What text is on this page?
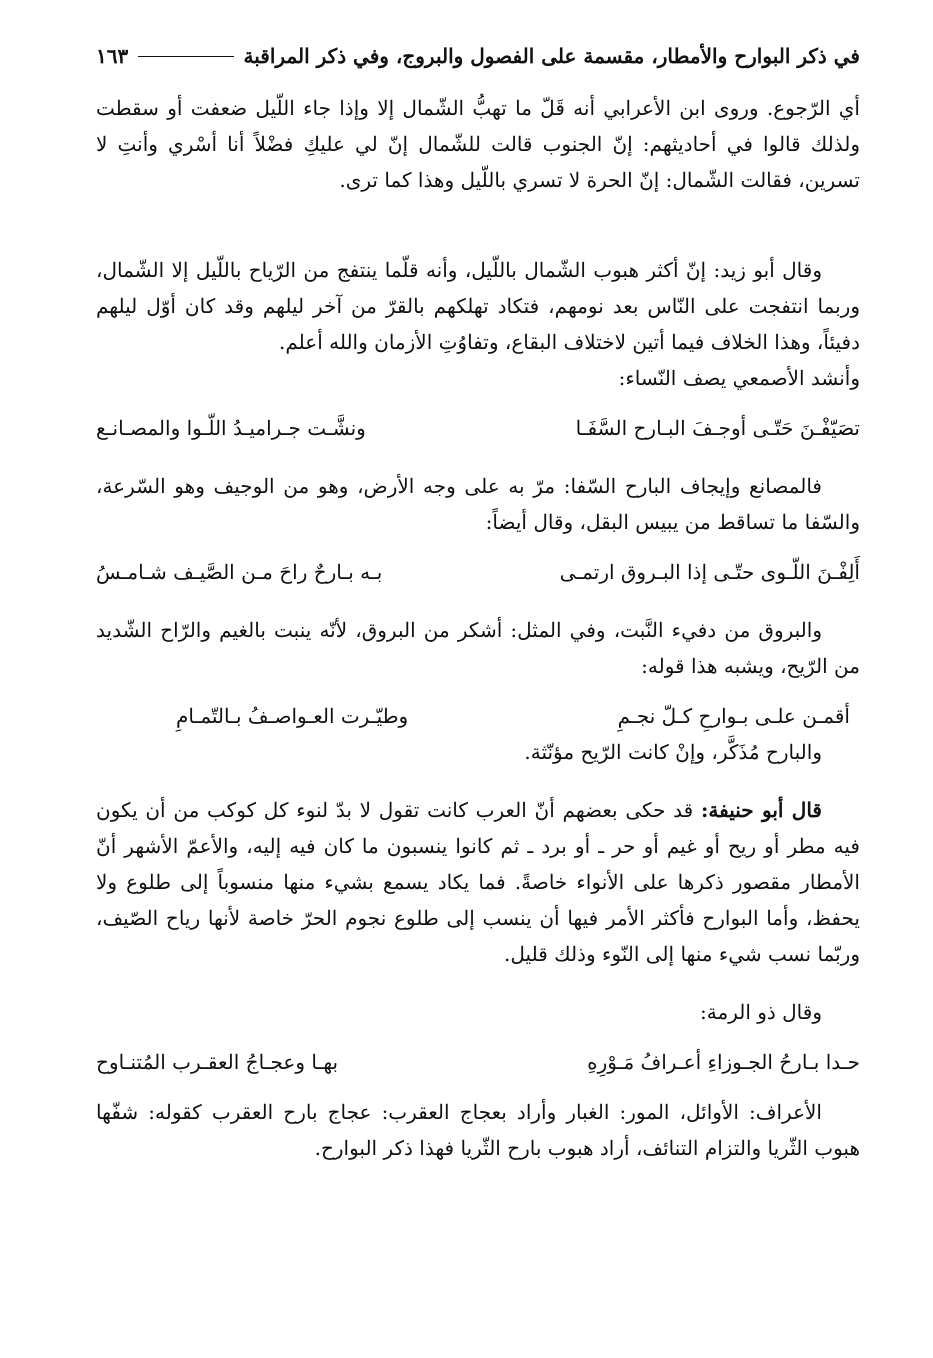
في ذكر البوارح والأمطار، مقسمة على الفصول والبروج، وفي ذكر المراقبة
١٦٣

أي الرّجوع. وروى ابن الأعرابي أنه قَلّ ما تهبُّ الشّمال إلا وإذا جاء اللّيل ضعفت أو سقطت ولذلك قالوا في أحاديثهم: إنّ الجنوب قالت للشّمال إنّ لي عليكِ فضْلاً أنا أسْري وأنتِ لا تسرين، فقالت الشّمال: إنّ الحرة لا تسري باللّيل وهذا كما ترى.

وقال أبو زيد: إنّ أكثر هبوب الشّمال باللّيل، وأنه قلّما ينتفج من الرّياح باللّيل إلا الشّمال، وربما انتفجت على النّاس بعد نومهم، فتكاد تهلكهم بالقرّ من آخر ليلهم وقد كان أوّل ليلهم دفيئاً، وهذا الخلاف فيما أتين لاختلاف البقاع، وتفاوُتِ الأزمان والله أعلم.

وأنشد الأصمعي يصف النّساء:

تصَيّفْـنَ حَتّـى أوجـفَ البـارح السَّفَـا
ونشَّـت جـراميـدُ اللّـوا والمصـانـع

فالمصانع وإيجاف البارح السّفا: مرّ به على وجه الأرض، وهو من الوجيف وهو السّرعة، والسّفا ما تساقط من يبيس البقل، وقال أيضاً:

أَلِفْـنَ اللّـوى حتّـى إذا البـروق ارتمـى
بـه بـارحٌ راحَ مـن الصَّيـف شـامـسُ

والبروق من دفيء النَّبت، وفي المثل: أشكر من البروق، لأنّه ينبت بالغيم والرّاح الشّديد من الرّيح، ويشبه هذا قوله:

أقمـن علـى بـوارحِ كـلّ نجـمِ
وطيّـرت العـواصـفُ بـالتّمـامِ

والبارح مُذَكَّر، وإنْ كانت الرّيح مؤنّثة.

قال أبو حنيفة: قد حكى بعضهم أنّ العرب كانت تقول لا بدّ لنوء كل كوكب من أن يكون فيه مطر أو ريح أو غيم أو حر ـ أو برد ـ ثم كانوا ينسبون ما كان فيه إليه، والأعمّ الأشهر أنّ الأمطار مقصور ذكرها على الأنواء خاصةً. فما يكاد يسمع بشيء منها منسوباً إلى طلوع ولا يحفظ، وأما البوارح فأكثر الأمر فيها أن ينسب إلى طلوع نجوم الحرّ خاصة لأنها رياح الصّيف، وربّما نسب شيء منها إلى النّوء وذلك قليل.

وقال ذو الرمة:

حـدا بـارحُ الجـوزاءِ أعـرافُ مَـوْرِهِ
بهـا وعجـاجُ العقـرب المُتنـاوح

الأعراف: الأوائل، المور: الغبار وأراد بعجاج العقرب: عجاج بارح العقرب كقوله: شفّها هبوب الثّريا والتزام التنائف، أراد هبوب بارح الثّريا فهذا ذكر البوارح.
